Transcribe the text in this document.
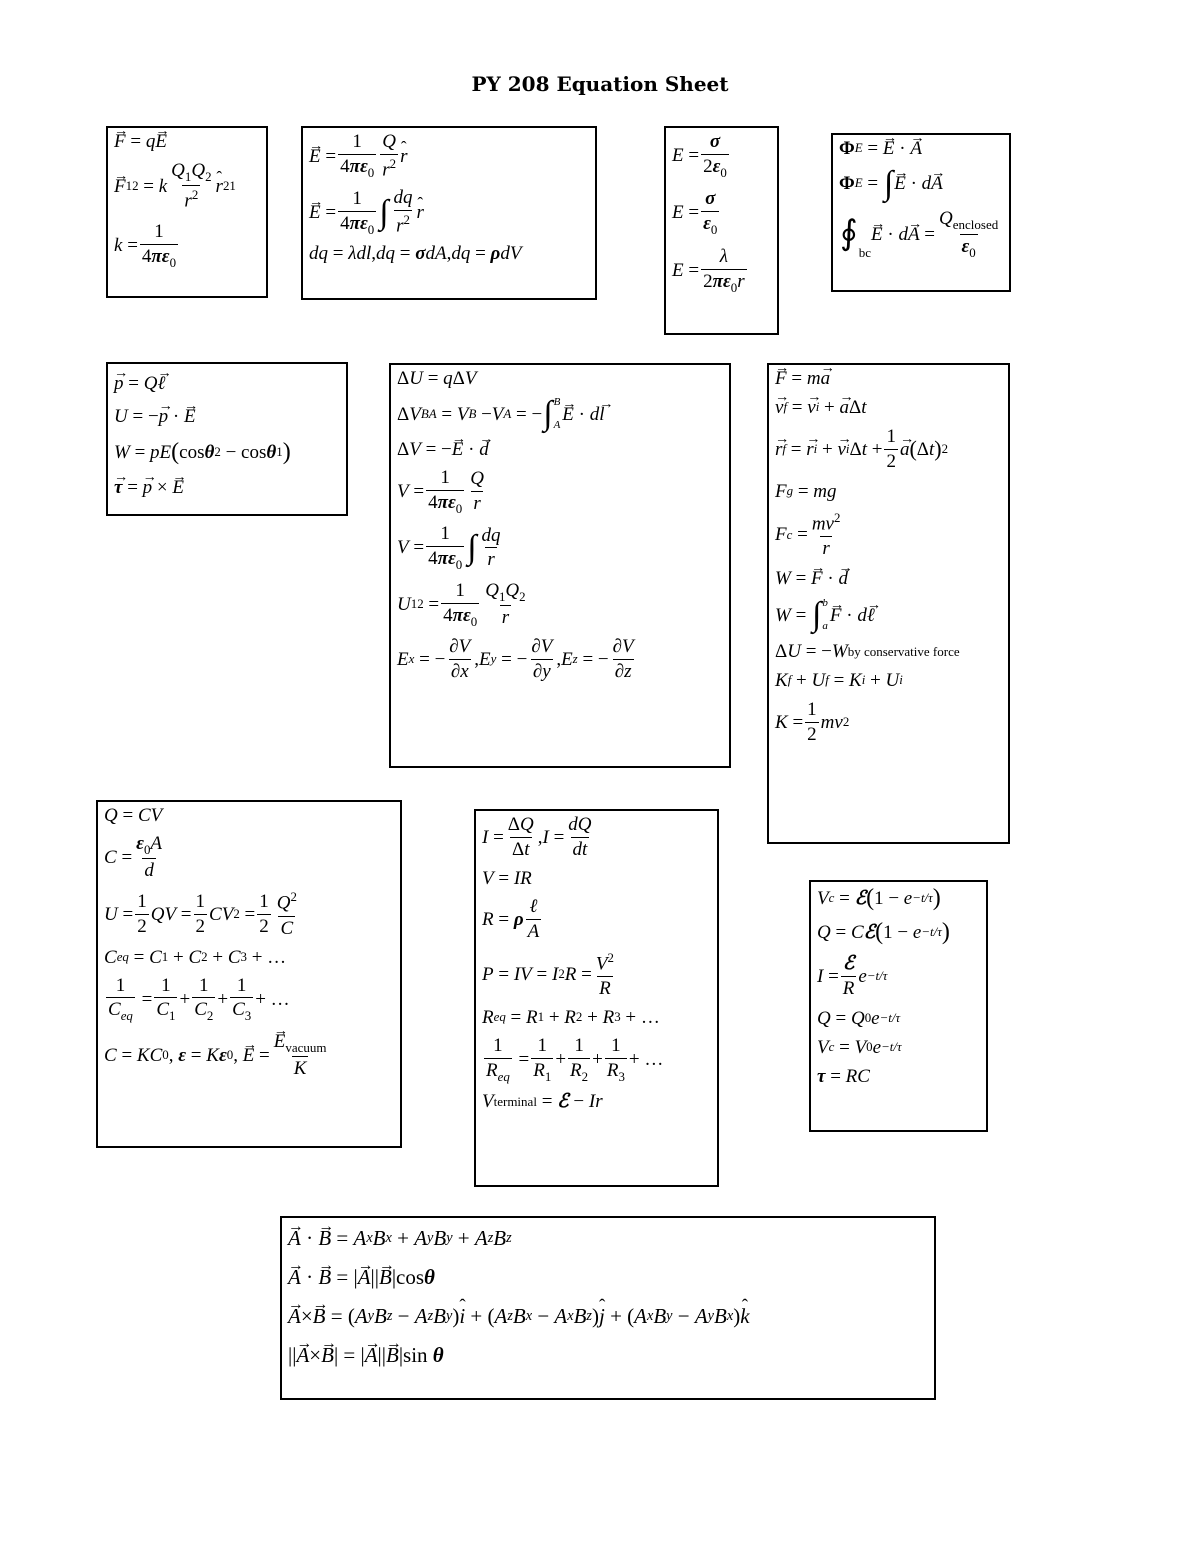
PY 208 Equation Sheet
→ F
=
q
→ E
→ F 12
=
k $\frac{Q_1Q_2}{r^2}$
ˆ r 21
k
= $\frac{1}{4\pi\varepsilon_0}$
→ E
= $\frac{1}{4\pi\varepsilon_0} \frac{Q}{r^2}$
ˆ r
→ E
= $\frac{1}{4\pi\varepsilon_0}$ ∫ $\frac{dq}{r^2}$
ˆ r
d q
=
λ d l , d q
=
σ d A , d q
=
ρ d V
E
= $\frac{\sigma}{2\varepsilon_0}$
E
= $\frac{\sigma}{\varepsilon_0}$
E
= $\frac{\lambda}{2\pi\varepsilon_0r}$
Φ E
=

→ E
·

→ A
Φ E
=
∫
→ E
·
d
→ A
$∮_{bc}$
→ E
·
d
→ A
= $\frac{Q_{enclosed}}{\varepsilon_0}$
→ p
=
Q
→ ℓ
U
=
−
→ p
·

→ E
W
=
p E ( cos θ 2
−
cos θ 1 )
→ τ
=

→ p
×

→ E
Δ U
=
q Δ V
Δ V BA
=
V B
− V A
=
− ∫ B
A
→ E
·
d
→ l
Δ V
=
−
→ E
·

→ d
V
= $\frac{1}{4\pi\varepsilon_0} \frac{Q}{r}$
V
= $\frac{1}{4\pi\varepsilon_0}$ ∫ $\frac{dq}{r}$
U 12
= $\frac{1}{4\pi\varepsilon_0} \frac{Q_1Q_2}{r}$
E x
=
− $\frac{\partial V}{\partial x}$ , E y
=
− $\frac{\partial V}{\partial y}$ , E z
=
− $\frac{\partial V}{\partial z}$
→ F
=
m
→ a
→ v f
=

→ v i
+

→ a Δ t
→ r f
=

→ r i
+

→ v i Δ t
+ $\frac{1}{2}$
→ a ( Δ t ) 2
F g
=
m g
F c
= $\frac{mv^2}{r}$
W
=

→ F
·

→ d
W
=
∫ b
a
→ F
·
d
→ ℓ
Δ U
=
− W by conservative force
K f
+
U f
=
K i
+
U i
K
= $\frac{1}{2}$ m v 2
Q
=
C V
C
= $\frac{\varepsilon_0A}{d}$
U
= $\frac{1}{2}$ Q V
= $\frac{1}{2}$ C V 2
= $\frac{1}{2} \frac{Q^2}{C}$
C eq
=
C 1
+
C 2
+
C 3
+
…
$\frac{1}{C_{eq}}$
= $\frac{1}{C_1} + \frac{1}{C_2} + \frac{1}{C_3}$ +
…
C
=
K C 0 ,
ε
=
K ε 0 ,

→ E
=
→ $\frac{E_{vacuum}}{K}$
I
= $\frac{\Delta Q}{\Delta t}$ , I
= $\frac{dQ}{dt}$
V
=
I R
R
=
ρ $\frac{\text{ℓ}}{A}$
P
=
I V
=
I 2 R
= $\frac{V^2}{R}$
R eq
=
R 1
+
R 2
+
R 3
+
…
$\frac{1}{R_{eq}}$
= $\frac{1}{R_1} + \frac{1}{R_2} + \frac{1}{R_3}$ +
…
V terminal
=
ℰ
−
I r
V c
=
ℰ ( 1
−
e −t/τ )
Q
=
C ℰ ( 1
−
e −t/τ )
I
= $\frac{\text{ℰ}}{R}$ e −t/τ
Q
=
Q 0 e −t/τ
V c
=
V 0 e −t/τ
τ
=
R C
→ A
·

→ B
=
A x B x
+
A y B y
+
A z B z
→ A
·

→ B
=
|
→ A | |
→ B | cos θ
→ A ×
→ B
=
( A y B z
−
A z B y )
ˆ i
+
( A z B x
−
A x B z )
ˆ j
+
( A x B y
−
A y B x )
ˆ k
| |
→ A ×
→ B |
=
|
→ A | |
→ B | sin
θ
